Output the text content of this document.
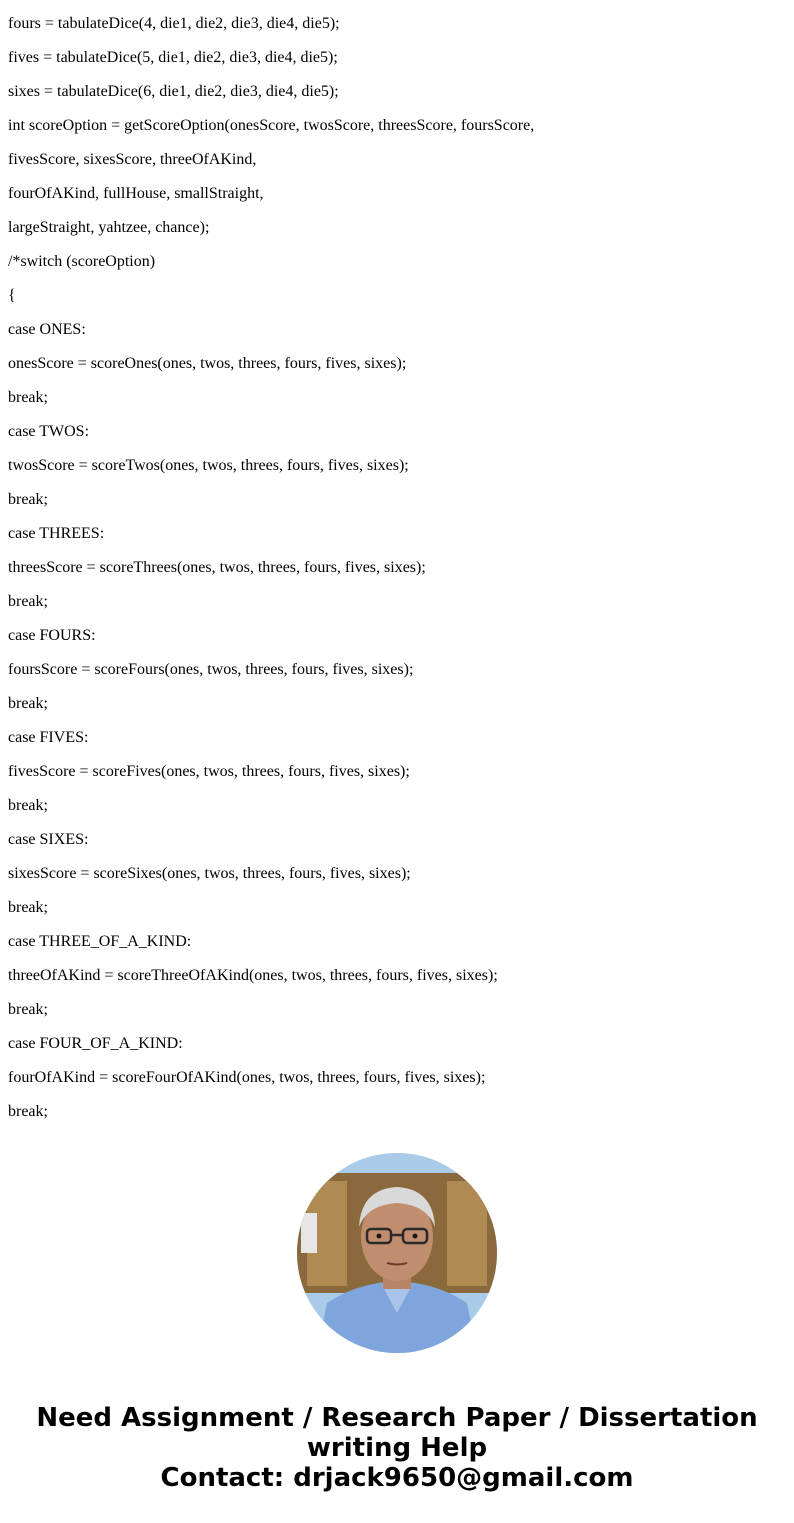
fours = tabulateDice(4, die1, die2, die3, die4, die5);
fives = tabulateDice(5, die1, die2, die3, die4, die5);
sixes = tabulateDice(6, die1, die2, die3, die4, die5);
int scoreOption = getScoreOption(onesScore, twosScore, threesScore, foursScore,
fivesScore, sixesScore, threeOfAKind,
fourOfAKind, fullHouse, smallStraight,
largeStraight, yahtzee, chance);
/*switch (scoreOption)
{
case ONES:
onesScore = scoreOnes(ones, twos, threes, fours, fives, sixes);
break;
case TWOS:
twosScore = scoreTwos(ones, twos, threes, fours, fives, sixes);
break;
case THREES:
threesScore = scoreThrees(ones, twos, threes, fours, fives, sixes);
break;
case FOURS:
foursScore = scoreFours(ones, twos, threes, fours, fives, sixes);
break;
case FIVES:
fivesScore = scoreFives(ones, twos, threes, fours, fives, sixes);
break;
case SIXES:
sixesScore = scoreSixes(ones, twos, threes, fours, fives, sixes);
break;
case THREE_OF_A_KIND:
threeOfAKind = scoreThreeOfAKind(ones, twos, threes, fours, fives, sixes);
break;
case FOUR_OF_A_KIND:
fourOfAKind = scoreFourOfAKind(ones, twos, threes, fours, fives, sixes);
break;
Need Assignment / Research Paper / Dissertation
writing Help
Contact: drjack9650@gmail.com
